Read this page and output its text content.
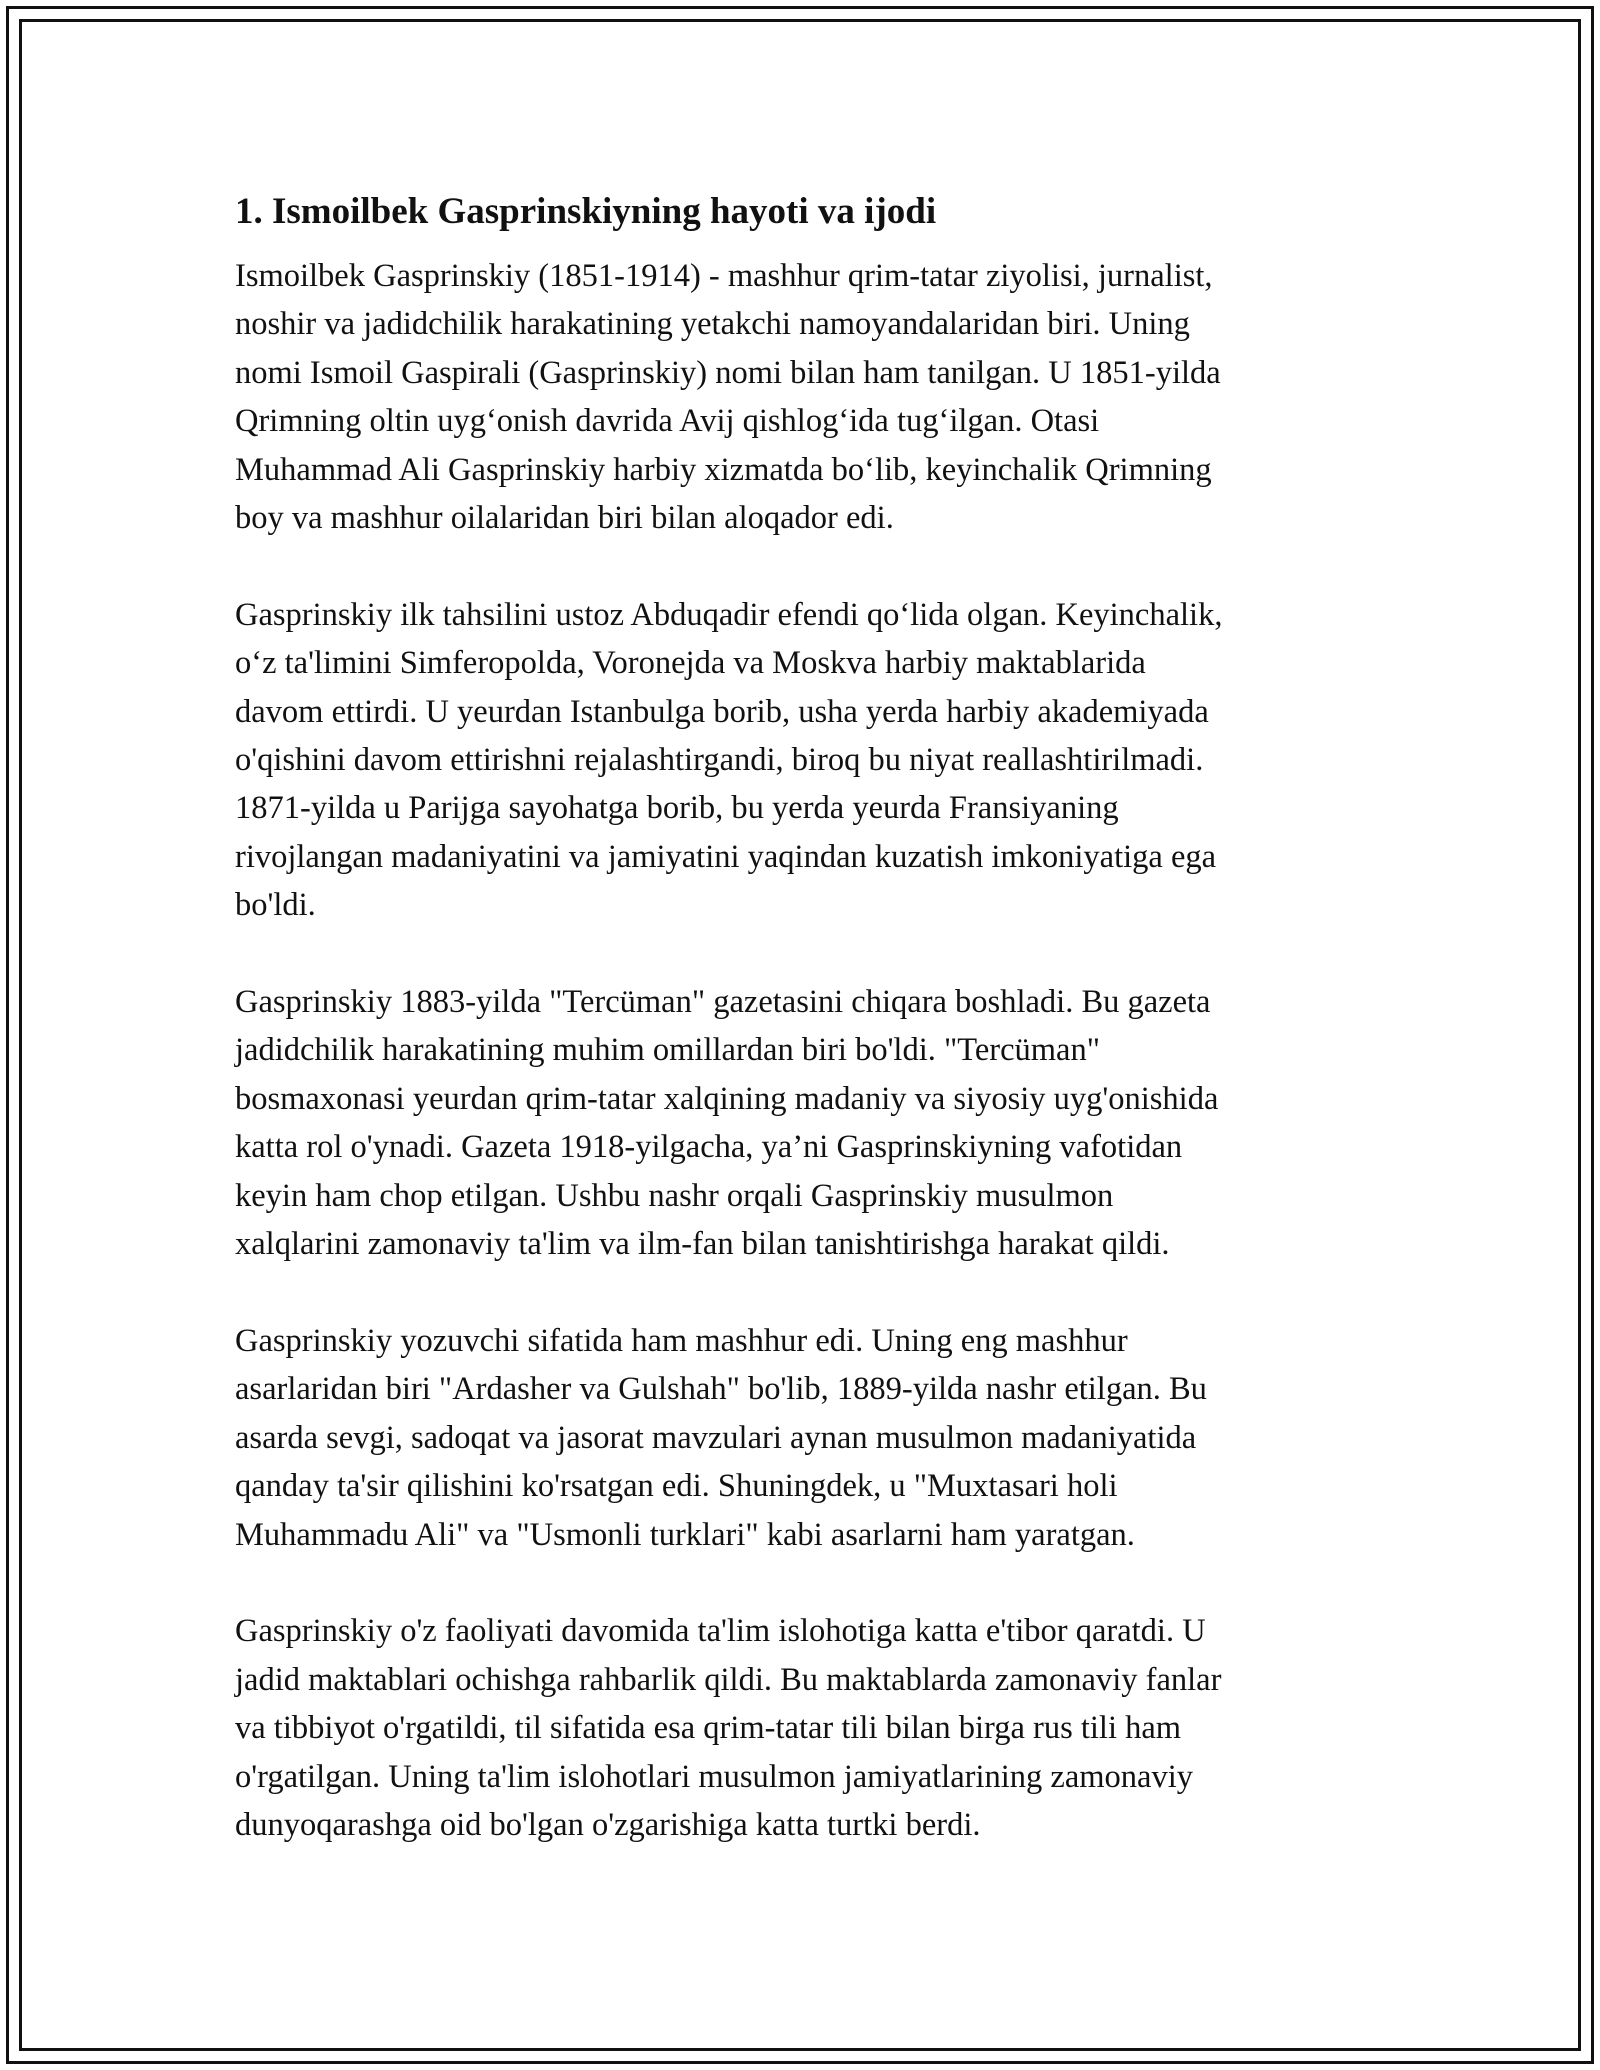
1. Ismoilbek Gasprinskiyning hayoti va ijodi
Ismoilbek Gasprinskiy (1851-1914) - mashhur qrim-tatar ziyolisi, jurnalist,
noshir va jadidchilik harakatining yetakchi namoyandalaridan biri. Uning
nomi Ismoil Gaspirali (Gasprinskiy) nomi bilan ham tanilgan. U 1851-yilda
Qrimning oltin uyg‘onish davrida Avij qishlog‘ida tug‘ilgan. Otasi
Muhammad Ali Gasprinskiy harbiy xizmatda bo‘lib, keyinchalik Qrimning
boy va mashhur oilalaridan biri bilan aloqador edi.
Gasprinskiy ilk tahsilini ustoz Abduqadir efendi qo‘lida olgan. Keyinchalik,
o‘z ta'limini Simferopolda, Voronejda va Moskva harbiy maktablarida
davom ettirdi. U yeurdan Istanbulga borib, usha yerda harbiy akademiyada
o'qishini davom ettirishni rejalashtirgandi, biroq bu niyat reallashtirilmadi.
1871-yilda u Parijga sayohatga borib, bu yerda yeurda Fransiyaning
rivojlangan madaniyatini va jamiyatini yaqindan kuzatish imkoniyatiga ega
bo'ldi.
Gasprinskiy 1883-yilda "Tercüman" gazetasini chiqara boshladi. Bu gazeta
jadidchilik harakatining muhim omillardan biri bo'ldi. "Tercüman"
bosmaxonasi yeurdan qrim-tatar xalqining madaniy va siyosiy uyg'onishida
katta rol o'ynadi. Gazeta 1918-yilgacha, ya’ni Gasprinskiyning vafotidan
keyin ham chop etilgan. Ushbu nashr orqali Gasprinskiy musulmon
xalqlarini zamonaviy ta'lim va ilm-fan bilan tanishtirishga harakat qildi.
Gasprinskiy yozuvchi sifatida ham mashhur edi. Uning eng mashhur
asarlaridan biri "Ardasher va Gulshah" bo'lib, 1889-yilda nashr etilgan. Bu
asarda sevgi, sadoqat va jasorat mavzulari aynan musulmon madaniyatida
qanday ta'sir qilishini ko'rsatgan edi. Shuningdek, u "Muxtasari holi
Muhammadu Ali" va "Usmonli turklari" kabi asarlarni ham yaratgan.
Gasprinskiy o'z faoliyati davomida ta'lim islohotiga katta e'tibor qaratdi. U
jadid maktablari ochishga rahbarlik qildi. Bu maktablarda zamonaviy fanlar
va tibbiyot o'rgatildi, til sifatida esa qrim-tatar tili bilan birga rus tili ham
o'rgatilgan. Uning ta'lim islohotlari musulmon jamiyatlarining zamonaviy
dunyoqarashga oid bo'lgan o'zgarishiga katta turtki berdi.
